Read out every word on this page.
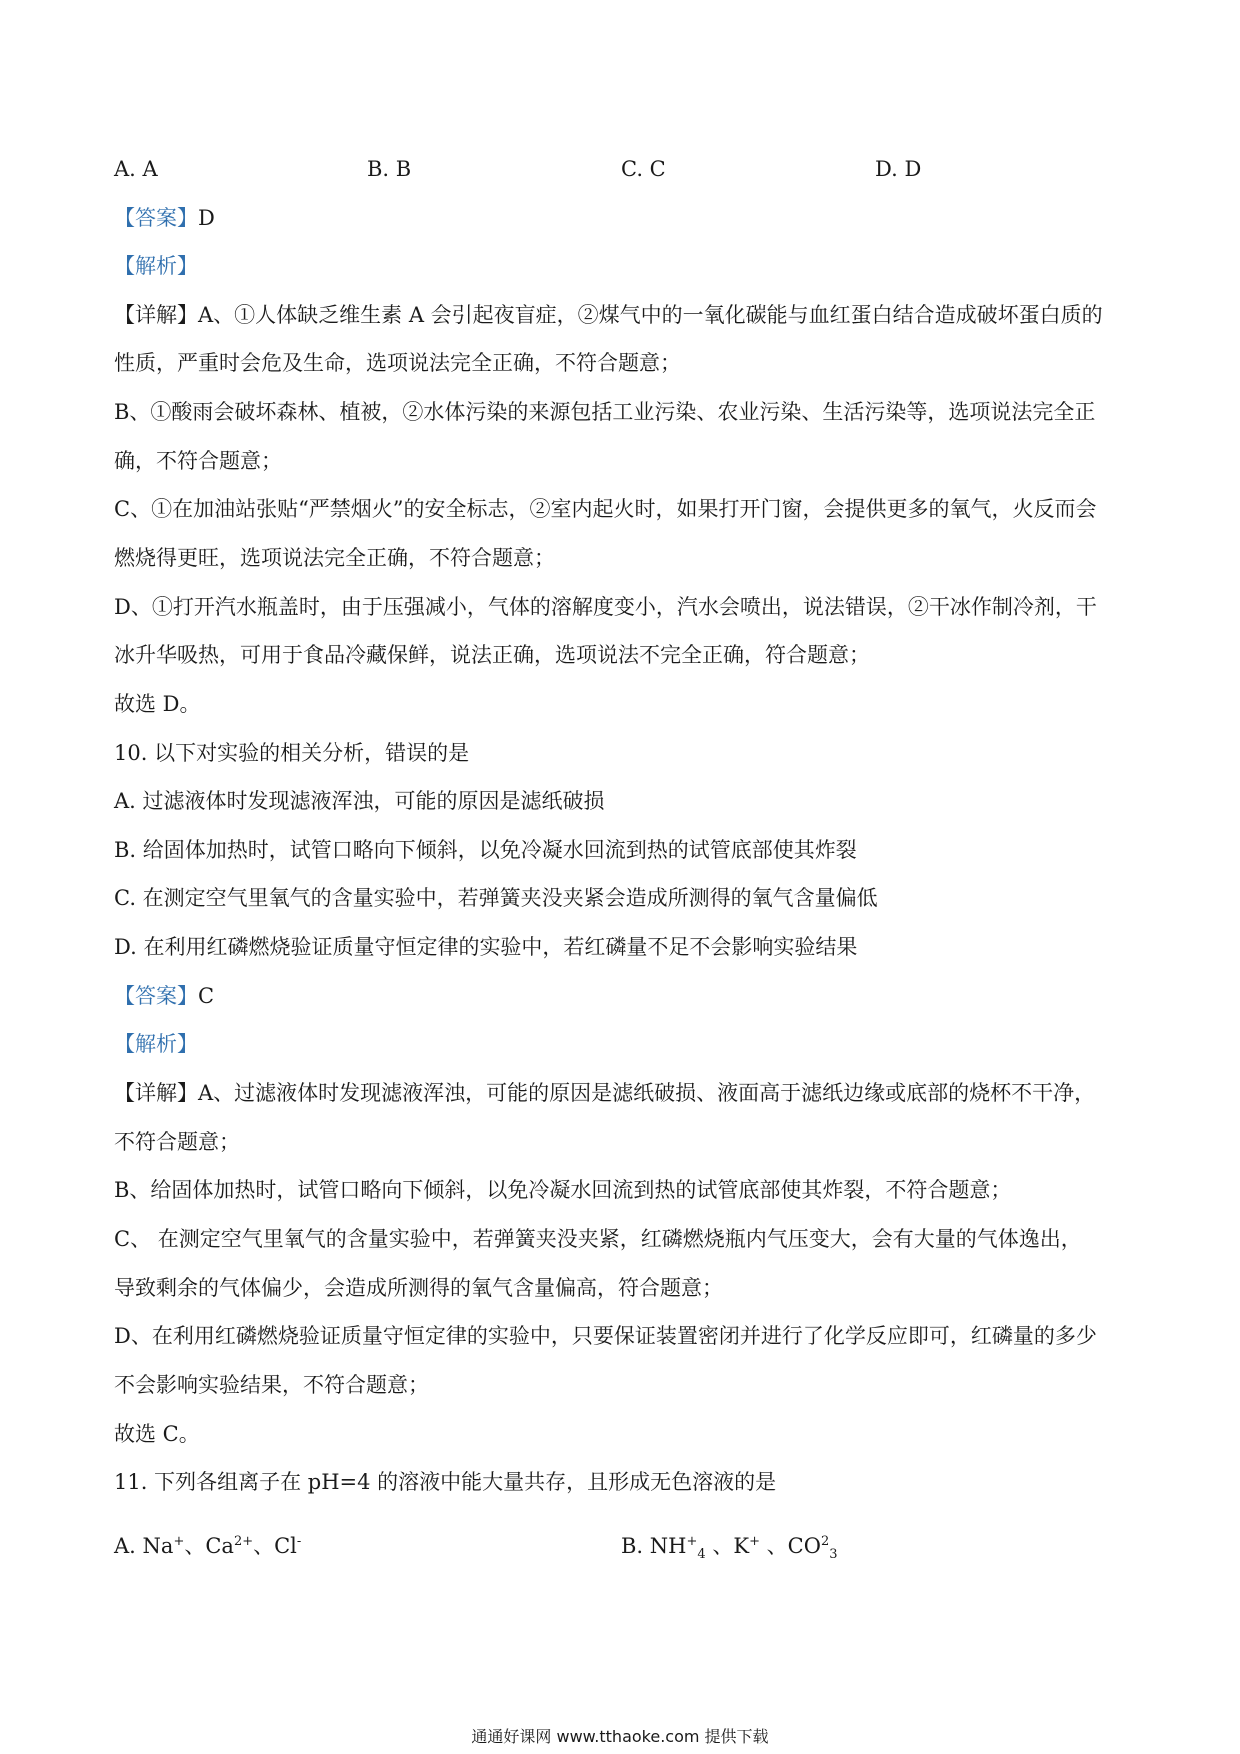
A. A	B. B	C. C	D. D
【答案】D
【解析】
【详解】A、①人体缺乏维生素 A 会引起夜盲症，②煤气中的一氧化碳能与血红蛋白结合造成破坏蛋白质的
性质，严重时会危及生命，选项说法完全正确，不符合题意；
B、①酸雨会破坏森林、植被，②水体污染的来源包括工业污染、农业污染、生活污染等，选项说法完全正
确，不符合题意；
C、①在加油站张贴“严禁烟火”的安全标志，②室内起火时，如果打开门窗，会提供更多的氧气，火反而会
燃烧得更旺，选项说法完全正确，不符合题意；
D、①打开汽水瓶盖时，由于压强减小，气体的溶解度变小，汽水会喷出，说法错误，②干冰作制冷剂，干
冰升华吸热，可用于食品冷藏保鲜，说法正确，选项说法不完全正确，符合题意；
故选 D。
10. 以下对实验的相关分析，错误的是
A. 过滤液体时发现滤液浑浊，可能的原因是滤纸破损
B. 给固体加热时，试管口略向下倾斜，以免冷凝水回流到热的试管底部使其炸裂
C. 在测定空气里氧气的含量实验中，若弹簧夹没夹紧会造成所测得的氧气含量偏低
D. 在利用红磷燃烧验证质量守恒定律的实验中，若红磷量不足不会影响实验结果
【答案】C
【解析】
【详解】A、过滤液体时发现滤液浑浊，可能的原因是滤纸破损、液面高于滤纸边缘或底部的烧杯不干净，
不符合题意；
B、给固体加热时，试管口略向下倾斜，以免冷凝水回流到热的试管底部使其炸裂，不符合题意；
C、 在测定空气里氧气的含量实验中，若弹簧夹没夹紧，红磷燃烧瓶内气压变大，会有大量的气体逸出，
导致剩余的气体偏少，会造成所测得的氧气含量偏高，符合题意；
D、在利用红磷燃烧验证质量守恒定律的实验中，只要保证装置密闭并进行了化学反应即可，红磷量的多少
不会影响实验结果，不符合题意；
故选 C。
11. 下列各组离子在 pH=4 的溶液中能大量共存，且形成无色溶液的是
A. Na+、$Ca^{2+}$、Cl-	B. $NH^+_4$ 、K+ 、$CO^2_3$
通通好课网 www.tthaoke.com 提供下载
